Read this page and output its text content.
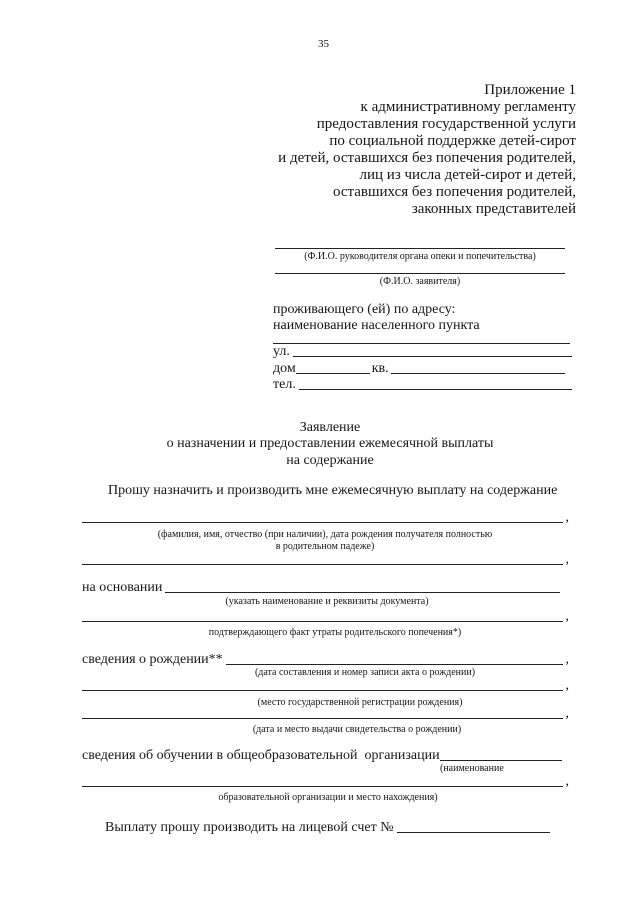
35
Приложение 1
к административному регламенту
предоставления государственной услуги
по социальной поддержке детей-сирот
и детей, оставшихся без попечения родителей,
лиц из числа детей-сирот и детей,
оставшихся без попечения родителей,
законных представителей
(Ф.И.О. руководителя органа опеки и попечительства)
(Ф.И.О. заявителя)
проживающего (ей) по адресу:
наименование населенного пункта
ул.
дом	кв.
тел.
Заявление
о назначении и предоставлении ежемесячной выплаты
на содержание
Прошу назначить и производить мне ежемесячную выплату на содержание
,
(фамилия, имя, отчество (при наличии), дата рождения получателя полностью
в родительном падеже)
,
на основании
(указать наименование и реквизиты документа)
,
подтверждающего факт утраты родительского попечения*)
сведения о рождении**	,
(дата составления и номер записи акта о рождении)
,
(место государственной регистрации рождения)
,
(дата и место выдачи свидетельства о рождении)
сведения об обучении в общеобразовательной  организации
(наименование
,
образовательной организации и место нахождения)
Выплату прошу производить на лицевой счет №
